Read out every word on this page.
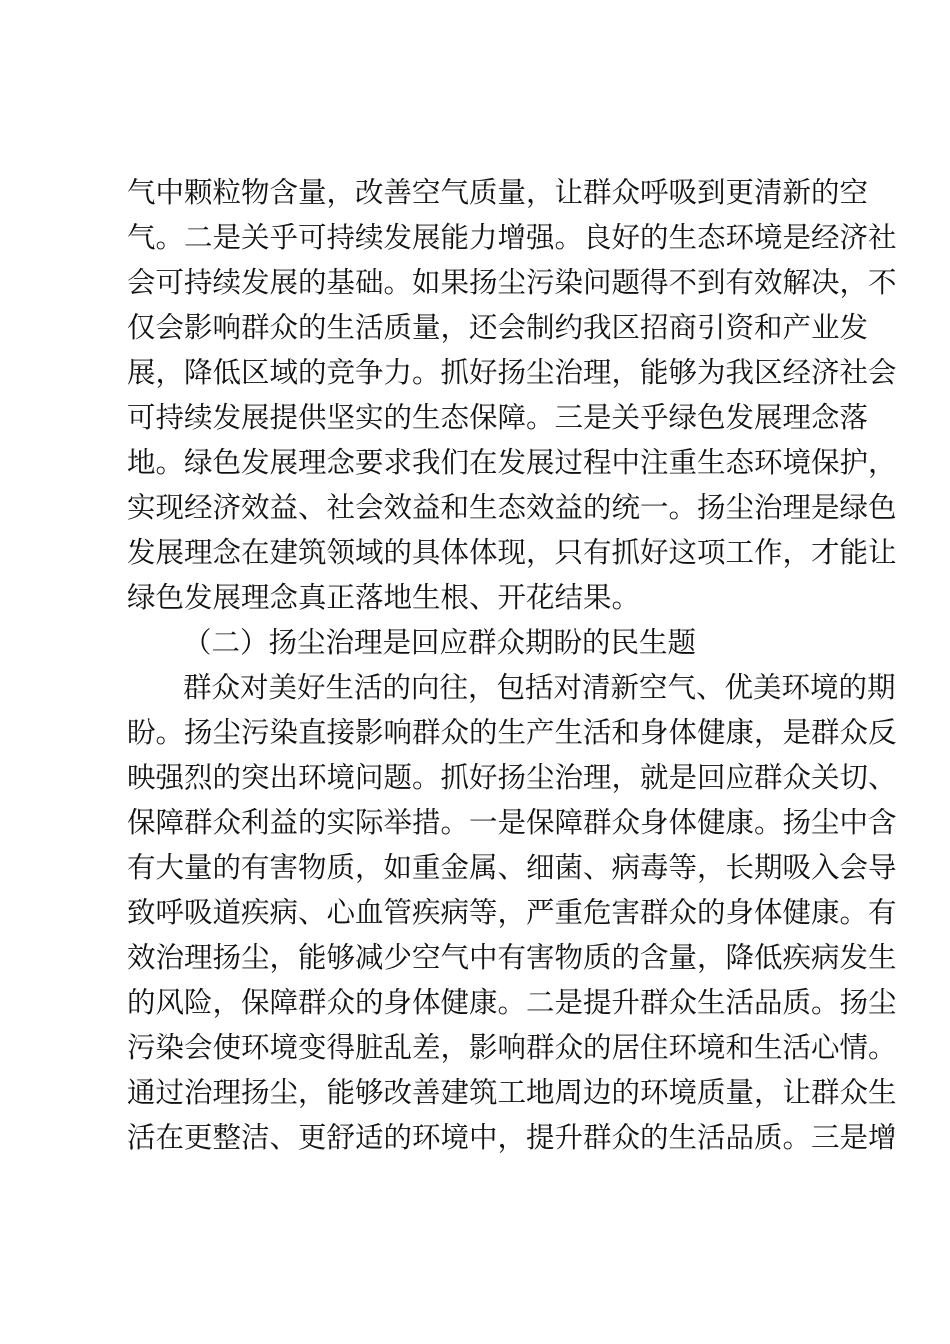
气中颗粒物含量，改善空气质量，让群众呼吸到更清新的空
气。二是关乎可持续发展能力增强。良好的生态环境是经济社
会可持续发展的基础。如果扬尘污染问题得不到有效解决，不
仅会影响群众的生活质量，还会制约我区招商引资和产业发
展，降低区域的竞争力。抓好扬尘治理，能够为我区经济社会
可持续发展提供坚实的生态保障。三是关乎绿色发展理念落
地。绿色发展理念要求我们在发展过程中注重生态环境保护，
实现经济效益、社会效益和生态效益的统一。扬尘治理是绿色
发展理念在建筑领域的具体体现，只有抓好这项工作，才能让
绿色发展理念真正落地生根、开花结果。
（二）扬尘治理是回应群众期盼的民生题
群众对美好生活的向往，包括对清新空气、优美环境的期
盼。扬尘污染直接影响群众的生产生活和身体健康，是群众反
映强烈的突出环境问题。抓好扬尘治理，就是回应群众关切、
保障群众利益的实际举措。一是保障群众身体健康。扬尘中含
有大量的有害物质，如重金属、细菌、病毒等，长期吸入会导
致呼吸道疾病、心血管疾病等，严重危害群众的身体健康。有
效治理扬尘，能够减少空气中有害物质的含量，降低疾病发生
的风险，保障群众的身体健康。二是提升群众生活品质。扬尘
污染会使环境变得脏乱差，影响群众的居住环境和生活心情。
通过治理扬尘，能够改善建筑工地周边的环境质量，让群众生
活在更整洁、更舒适的环境中，提升群众的生活品质。三是增
